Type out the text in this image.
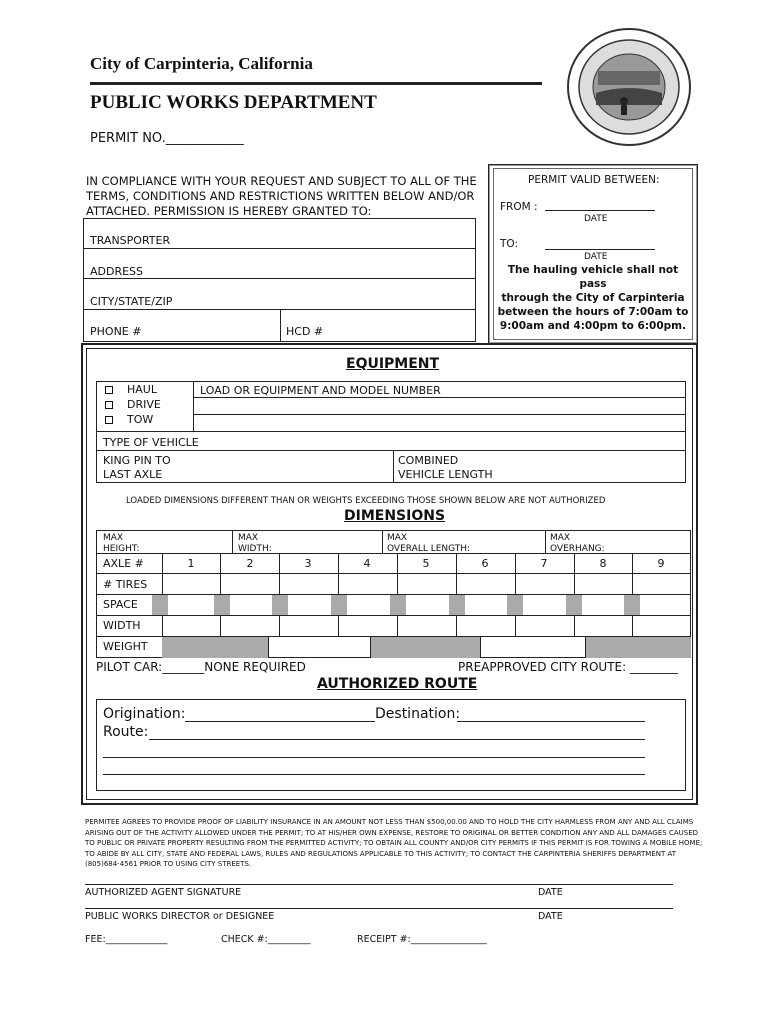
City of Carpinteria, California
PUBLIC WORKS DEPARTMENT
PERMIT NO.____________
IN COMPLIANCE WITH YOUR REQUEST AND SUBJECT TO ALL OF THE
TERMS, CONDITIONS AND RESTRICTIONS WRITTEN BELOW AND/OR
ATTACHED. PERMISSION IS HEREBY GRANTED TO:
TRANSPORTER
ADDRESS
CITY/STATE/ZIP
PHONE #	HCD #
PERMIT VALID BETWEEN:
FROM :
DATE
TO:
DATE
The hauling vehicle shall not pass
through the City of Carpinteria
between the hours of 7:00am to
9:00am and 4:00pm to 6:00pm.
EQUIPMENT
HAUL
DRIVE
TOW
LOAD OR EQUIPMENT AND MODEL NUMBER
TYPE OF VEHICLE
KING PIN TO
LAST AXLE
COMBINED
VEHICLE LENGTH
LOADED DIMENSIONS DIFFERENT THAN OR WEIGHTS EXCEEDING THOSE SHOWN BELOW ARE NOT AUTHORIZED
DIMENSIONS
MAX
HEIGHT:
MAX
WIDTH:
MAX
OVERALL LENGTH:
MAX
OVERHANG:
AXLE #	1	2	3	4	5	6	7	8	9
# TIRES
SPACE
WIDTH
WEIGHT
PILOT CAR:_______NONE REQUIRED	PREAPPROVED CITY ROUTE: ________
AUTHORIZED ROUTE
Origination:	Destination:
Route:
PERMITEE AGREES TO PROVIDE PROOF OF LIABILITY INSURANCE IN AN AMOUNT NOT LESS THAN $500,00.00 AND TO HOLD THE CITY HARMLESS FROM ANY AND ALL CLAIMS
ARISING OUT OF THE ACTIVITY ALLOWED UNDER THE PERMIT; TO AT HIS/HER OWN EXPENSE, RESTORE TO ORIGINAL OR BETTER CONDITION ANY AND ALL DAMAGES CAUSED
TO PUBLIC OR PRIVATE PROPERTY RESULTING FROM THE PERMITTED ACTIVITY; TO OBTAIN ALL COUNTY AND/OR CITY PERMITS IF THIS PERMIT IS FOR TOWING A MOBILE HOME;
TO ABIDE BY ALL CITY, STATE AND FEDERAL LAWS, RULES AND REGULATIONS APPLICABLE TO THIS ACTIVITY; TO CONTACT THE CARPINTERIA SHERIFFS DEPARTMENT AT
(805)684-4561 PRIOR TO USING CITY STREETS.
AUTHORIZED AGENT SIGNATURE	DATE
PUBLIC WORKS DIRECTOR or DESIGNEE	DATE
FEE:_____________	CHECK #:_________	RECEIPT #:________________
